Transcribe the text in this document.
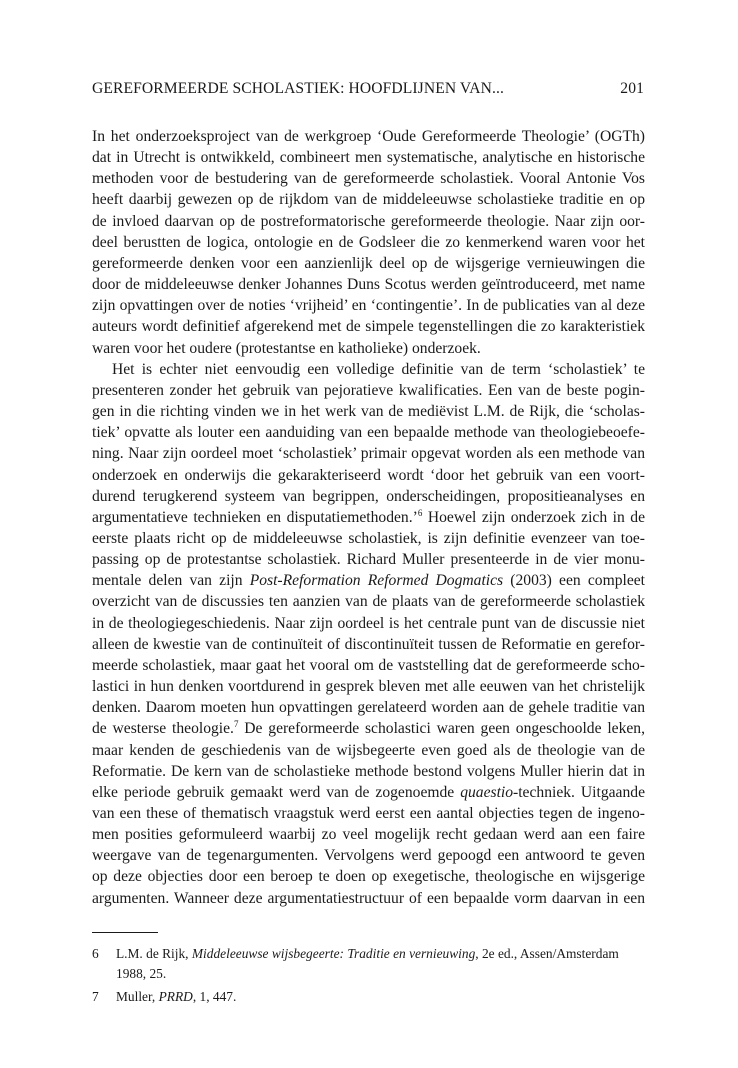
GEREFORMEERDE SCHOLASTIEK: HOOFDLIJNEN VAN...	201
In het onderzoeksproject van de werkgroep ‘Oude Gereformeerde Theologie’ (OGTh)
dat in Utrecht is ontwikkeld, combineert men systematische, analytische en historische
methoden voor de bestudering van de gereformeerde scholastiek. Vooral Antonie Vos
heeft daarbij gewezen op de rijkdom van de middeleeuwse scholastieke traditie en op
de invloed daarvan op de postreformatorische gereformeerde theologie. Naar zijn oor-
deel berustten de logica, ontologie en de Godsleer die zo kenmerkend waren voor het
gereformeerde denken voor een aanzienlijk deel op de wijsgerige vernieuwingen die
door de middeleeuwse denker Johannes Duns Scotus werden geïntroduceerd, met name
zijn opvattingen over de noties ‘vrijheid’ en ‘contingentie’. In de publicaties van al deze
auteurs wordt definitief afgerekend met de simpele tegenstellingen die zo karakteristiek
waren voor het oudere (protestantse en katholieke) onderzoek.
Het is echter niet eenvoudig een volledige definitie van de term ‘scholastiek’ te
presenteren zonder het gebruik van pejoratieve kwalificaties. Een van de beste pogin-
gen in die richting vinden we in het werk van de mediëvist L.M. de Rijk, die ‘scholas-
tiek’ opvatte als louter een aanduiding van een bepaalde methode van theologiebeoefe-
ning. Naar zijn oordeel moet ‘scholastiek’ primair opgevat worden als een methode van
onderzoek en onderwijs die gekarakteriseerd wordt ‘door het gebruik van een voort-
durend terugkerend systeem van begrippen, onderscheidingen, propositieanalyses en
argumentatieve technieken en disputatiemethoden.’$^6$ Hoewel zijn onderzoek zich in de
eerste plaats richt op de middeleeuwse scholastiek, is zijn definitie evenzeer van toe-
passing op de protestantse scholastiek. Richard Muller presenteerde in de vier monu-
mentale delen van zijn Post-Reformation Reformed Dogmatics (2003) een compleet
overzicht van de discussies ten aanzien van de plaats van de gereformeerde scholastiek
in de theologiegeschiedenis. Naar zijn oordeel is het centrale punt van de discussie niet
alleen de kwestie van de continuïteit of discontinuïteit tussen de Reformatie en gerefor-
meerde scholastiek, maar gaat het vooral om de vaststelling dat de gereformeerde scho-
lastici in hun denken voortdurend in gesprek bleven met alle eeuwen van het christelijk
denken. Daarom moeten hun opvattingen gerelateerd worden aan de gehele traditie van
de westerse theologie.$^7$ De gereformeerde scholastici waren geen ongeschoolde leken,
maar kenden de geschiedenis van de wijsbegeerte even goed als de theologie van de
Reformatie. De kern van de scholastieke methode bestond volgens Muller hierin dat in
elke periode gebruik gemaakt werd van de zogenoemde quaestio-techniek. Uitgaande
van een these of thematisch vraagstuk werd eerst een aantal objecties tegen de ingeno-
men posities geformuleerd waarbij zo veel mogelijk recht gedaan werd aan een faire
weergave van de tegenargumenten. Vervolgens werd gepoogd een antwoord te geven
op deze objecties door een beroep te doen op exegetische, theologische en wijsgerige
argumenten. Wanneer deze argumentatiestructuur of een bepaalde vorm daarvan in een
6	L.M. de Rijk, Middeleeuwse wijsbegeerte: Traditie en vernieuwing, 2e ed., Assen/Amsterdam 1988, 25.
7	Muller, PRRD, 1, 447.
